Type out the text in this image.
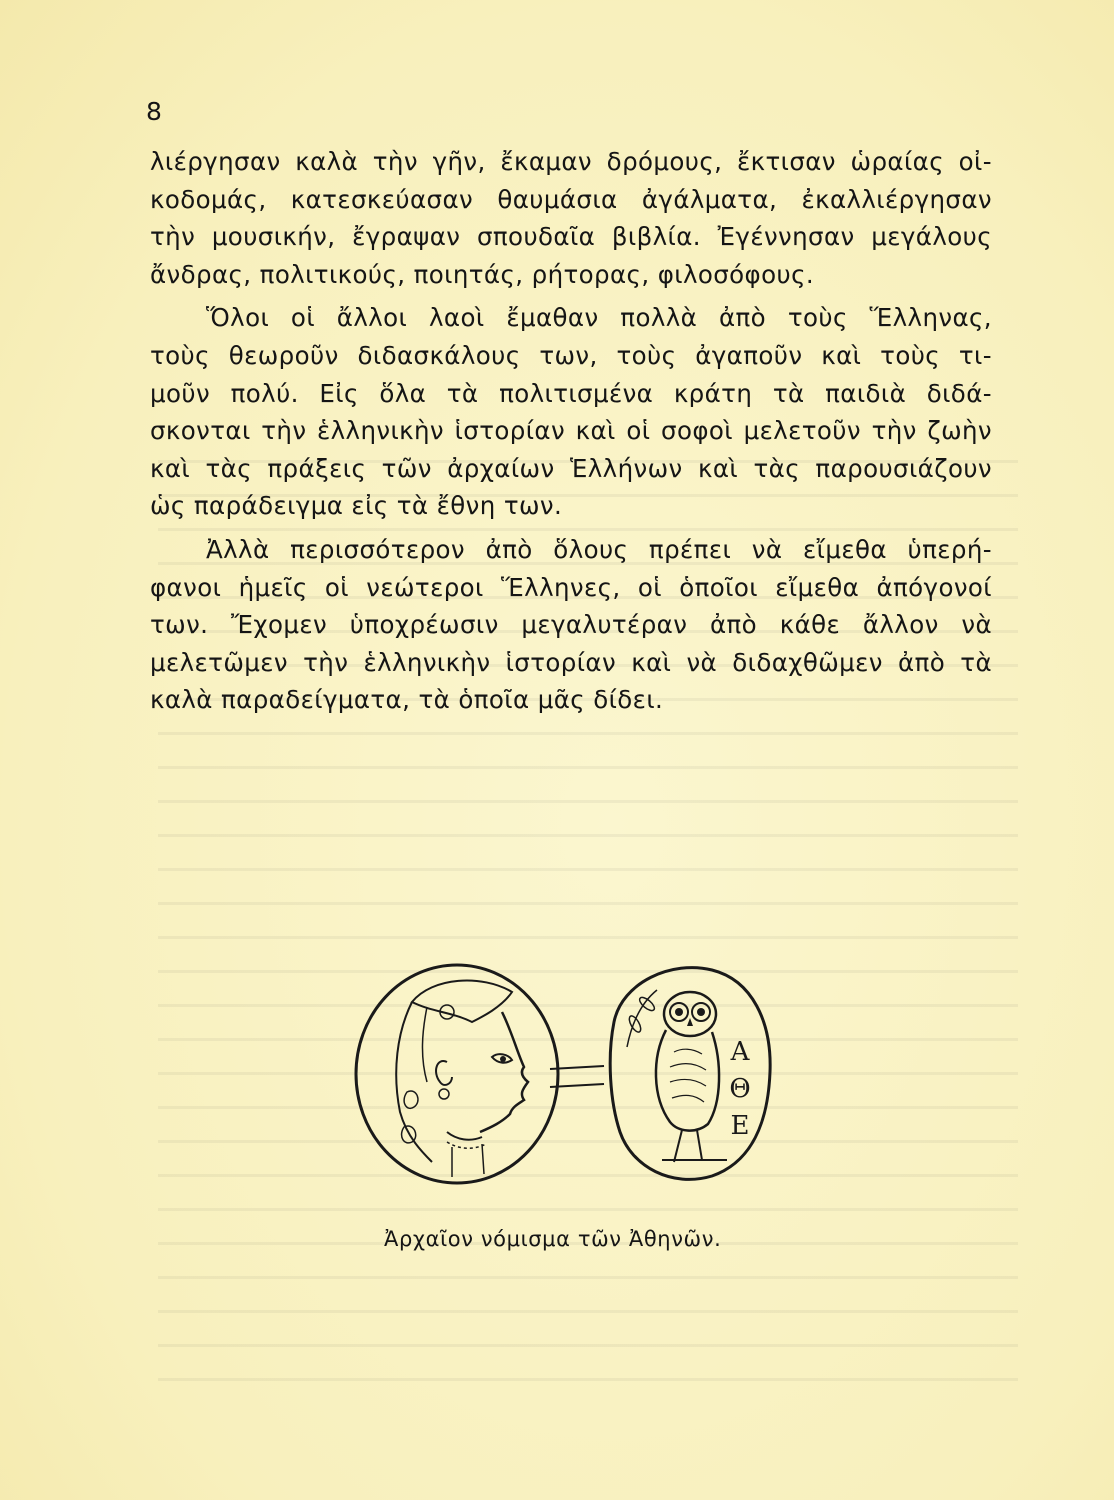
8
λιέργησαν καλὰ τὴν γῆν, ἔκαμαν δρόμους, ἔκτισαν ὡραίας οἰ-
κοδομάς, κατεσκεύασαν θαυμάσια ἀγάλματα, ἐκαλλιέργησαν
τὴν μουσικήν, ἔγραψαν σπουδαῖα βιβλία. Ἐγέννησαν μεγάλους
ἄνδρας, πολιτικούς, ποιητάς, ρήτορας, φιλοσόφους.
Ὅλοι οἱ ἄλλοι λαοὶ ἔμαθαν πολλὰ ἀπὸ τοὺς Ἕλληνας,
τοὺς θεωροῦν διδασκάλους των, τοὺς ἀγαποῦν καὶ τοὺς τι-
μοῦν πολύ. Εἰς ὅλα τὰ πολιτισμένα κράτη τὰ παιδιὰ διδά-
σκονται τὴν ἑλληνικὴν ἱστορίαν καὶ οἱ σοφοὶ μελετοῦν τὴν ζωὴν
καὶ τὰς πράξεις τῶν ἀρχαίων Ἑλλήνων καὶ τὰς παρουσιάζουν
ὡς παράδειγμα εἰς τὰ ἔθνη των.
Ἀλλὰ περισσότερον ἀπὸ ὅλους πρέπει νὰ εἴμεθα ὑπερή-
φανοι ἡμεῖς οἱ νεώτεροι Ἕλληνες, οἱ ὁποῖοι εἴμεθα ἀπόγονοί
των. Ἔχομεν ὑποχρέωσιν μεγαλυτέραν ἀπὸ κάθε ἄλλον νὰ
μελετῶμεν τὴν ἑλληνικὴν ἱστορίαν καὶ νὰ διδαχθῶμεν ἀπὸ τὰ
καλὰ παραδείγματα, τὰ ὁποῖα μᾶς δίδει.
Α
Θ
Ε
Ἀρχαῖον νόμισμα τῶν Ἀθηνῶν.
